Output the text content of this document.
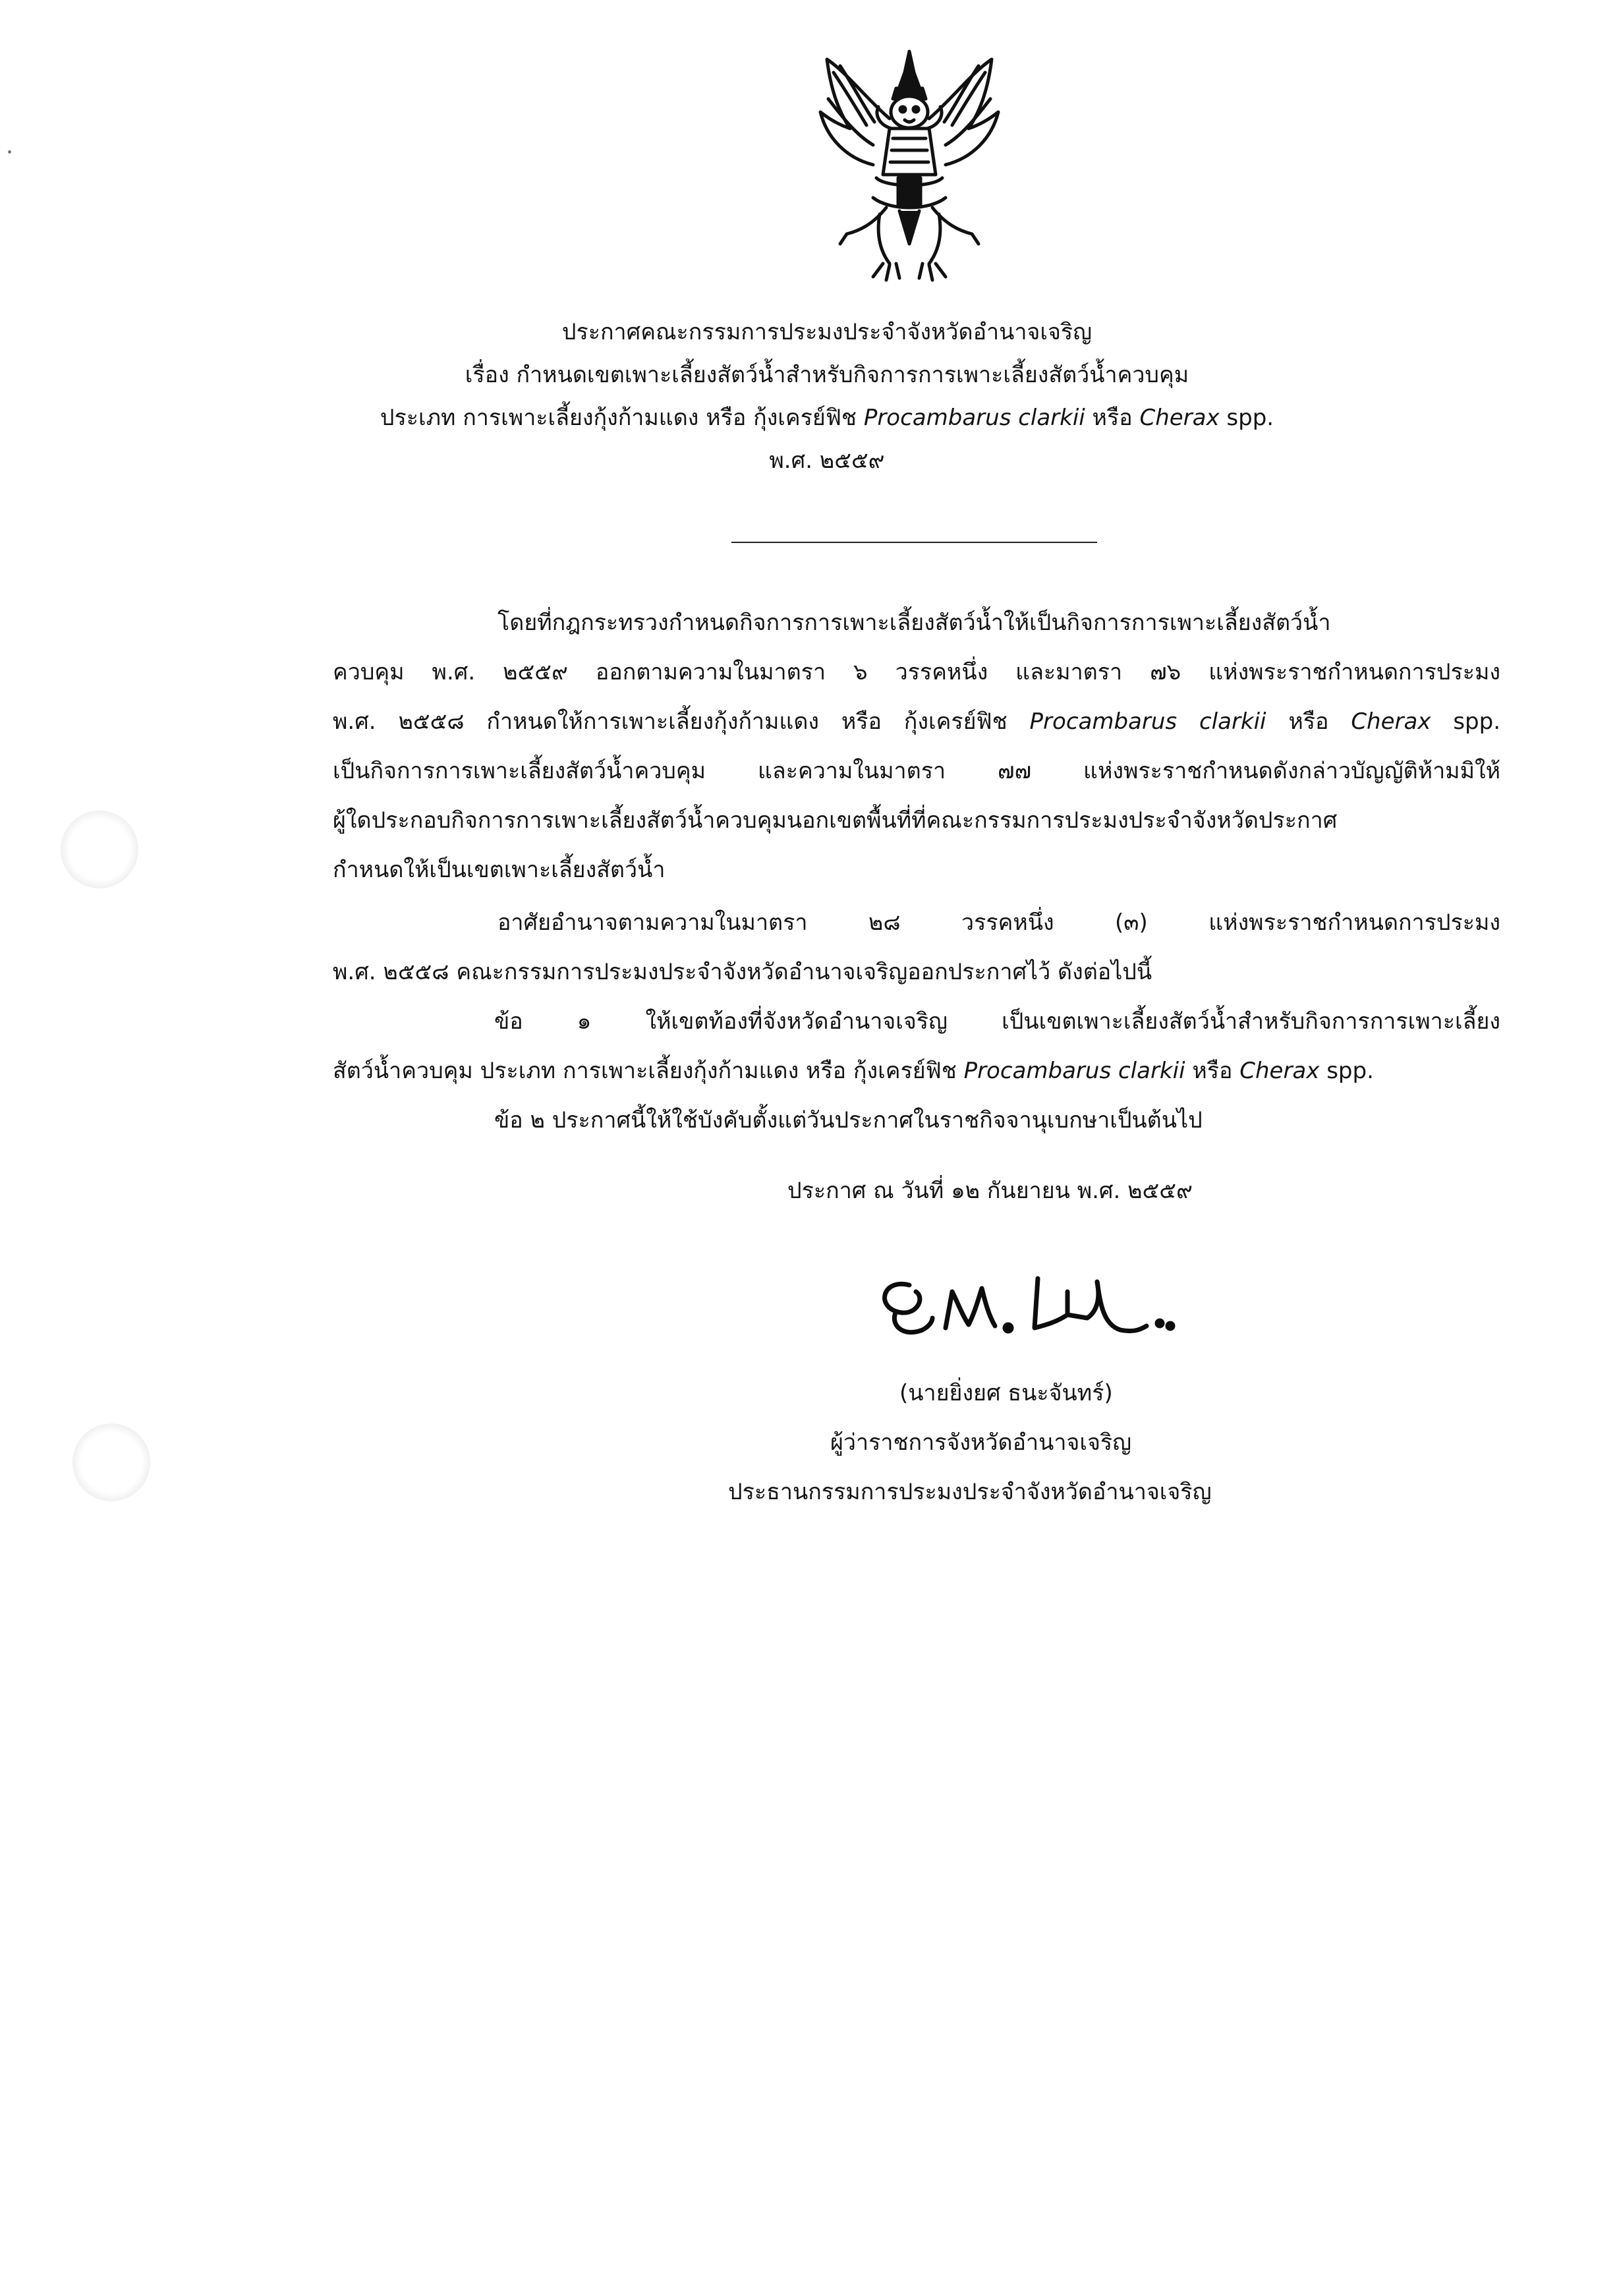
ประกาศคณะกรรมการประมงประจำจังหวัดอำนาจเจริญ
เรื่อง กำหนดเขตเพาะเลี้ยงสัตว์น้ำสำหรับกิจการการเพาะเลี้ยงสัตว์น้ำควบคุม
ประเภท การเพาะเลี้ยงกุ้งก้ามแดง หรือ กุ้งเครย์ฟิช Procambarus clarkii หรือ Cherax spp.
พ.ศ. ๒๕๕๙
โดยที่กฎกระทรวงกำหนดกิจการการเพาะเลี้ยงสัตว์น้ำให้เป็นกิจการการเพาะเลี้ยงสัตว์น้ำ
ควบคุม พ.ศ. ๒๕๕๙ ออกตามความในมาตรา ๖ วรรคหนึ่ง และมาตรา ๗๖ แห่งพระราชกำหนดการประมง
พ.ศ. ๒๕๕๘ กำหนดให้การเพาะเลี้ยงกุ้งก้ามแดง หรือ กุ้งเครย์ฟิช Procambarus clarkii หรือ Cherax spp.
เป็นกิจการการเพาะเลี้ยงสัตว์น้ำควบคุม และความในมาตรา ๗๗ แห่งพระราชกำหนดดังกล่าวบัญญัติห้ามมิให้
ผู้ใดประกอบกิจการการเพาะเลี้ยงสัตว์น้ำควบคุมนอกเขตพื้นที่ที่คณะกรรมการประมงประจำจังหวัดประกาศ
กำหนดให้เป็นเขตเพาะเลี้ยงสัตว์น้ำ
อาศัยอำนาจตามความในมาตรา ๒๘ วรรคหนึ่ง (๓) แห่งพระราชกำหนดการประมง
พ.ศ. ๒๕๕๘ คณะกรรมการประมงประจำจังหวัดอำนาจเจริญออกประกาศไว้ ดังต่อไปนี้
ข้อ ๑ ให้เขตท้องที่จังหวัดอำนาจเจริญ เป็นเขตเพาะเลี้ยงสัตว์น้ำสำหรับกิจการการเพาะเลี้ยง
สัตว์น้ำควบคุม ประเภท การเพาะเลี้ยงกุ้งก้ามแดง หรือ กุ้งเครย์ฟิช Procambarus clarkii หรือ Cherax spp.
ข้อ ๒ ประกาศนี้ให้ใช้บังคับตั้งแต่วันประกาศในราชกิจจานุเบกษาเป็นต้นไป
ประกาศ ณ วันที่ ๑๒ กันยายน พ.ศ. ๒๕๕๙
(นายยิ่งยศ ธนะจันทร์)
ผู้ว่าราชการจังหวัดอำนาจเจริญ
ประธานกรรมการประมงประจำจังหวัดอำนาจเจริญ
